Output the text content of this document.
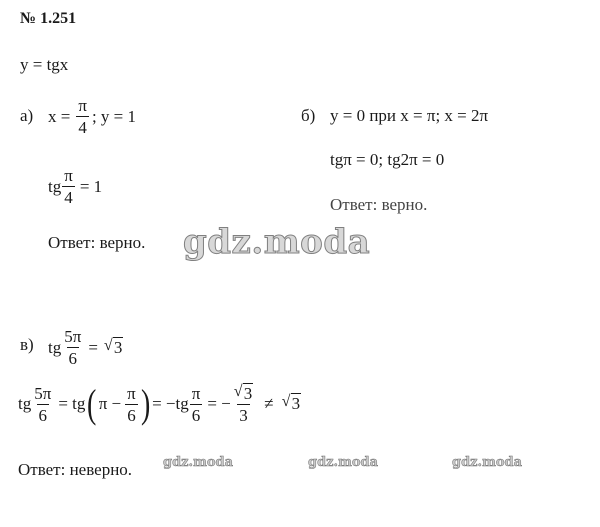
№ 1.251
y = tgx
а) $x = \frac{\pi}{4}$ ; y = 1
tg $\frac{\pi}{4} = 1$
Ответ: верно.
б) y = 0 при x = π; x = 2π
tgπ = 0; tg2π = 0
Ответ: верно.
gdz.moda
в) tg $\frac{5\pi}{6}$ = √ 3
tg $\frac{5\pi}{6}$ = tg ( $\pi - \frac{\pi}{6}$ ) = $-tg \frac{\pi}{6}$ = − $\frac{√ 3}{3}$ ≠ √ 3
Ответ: неверно. gdz.moda	gdz.moda	gdz.moda
